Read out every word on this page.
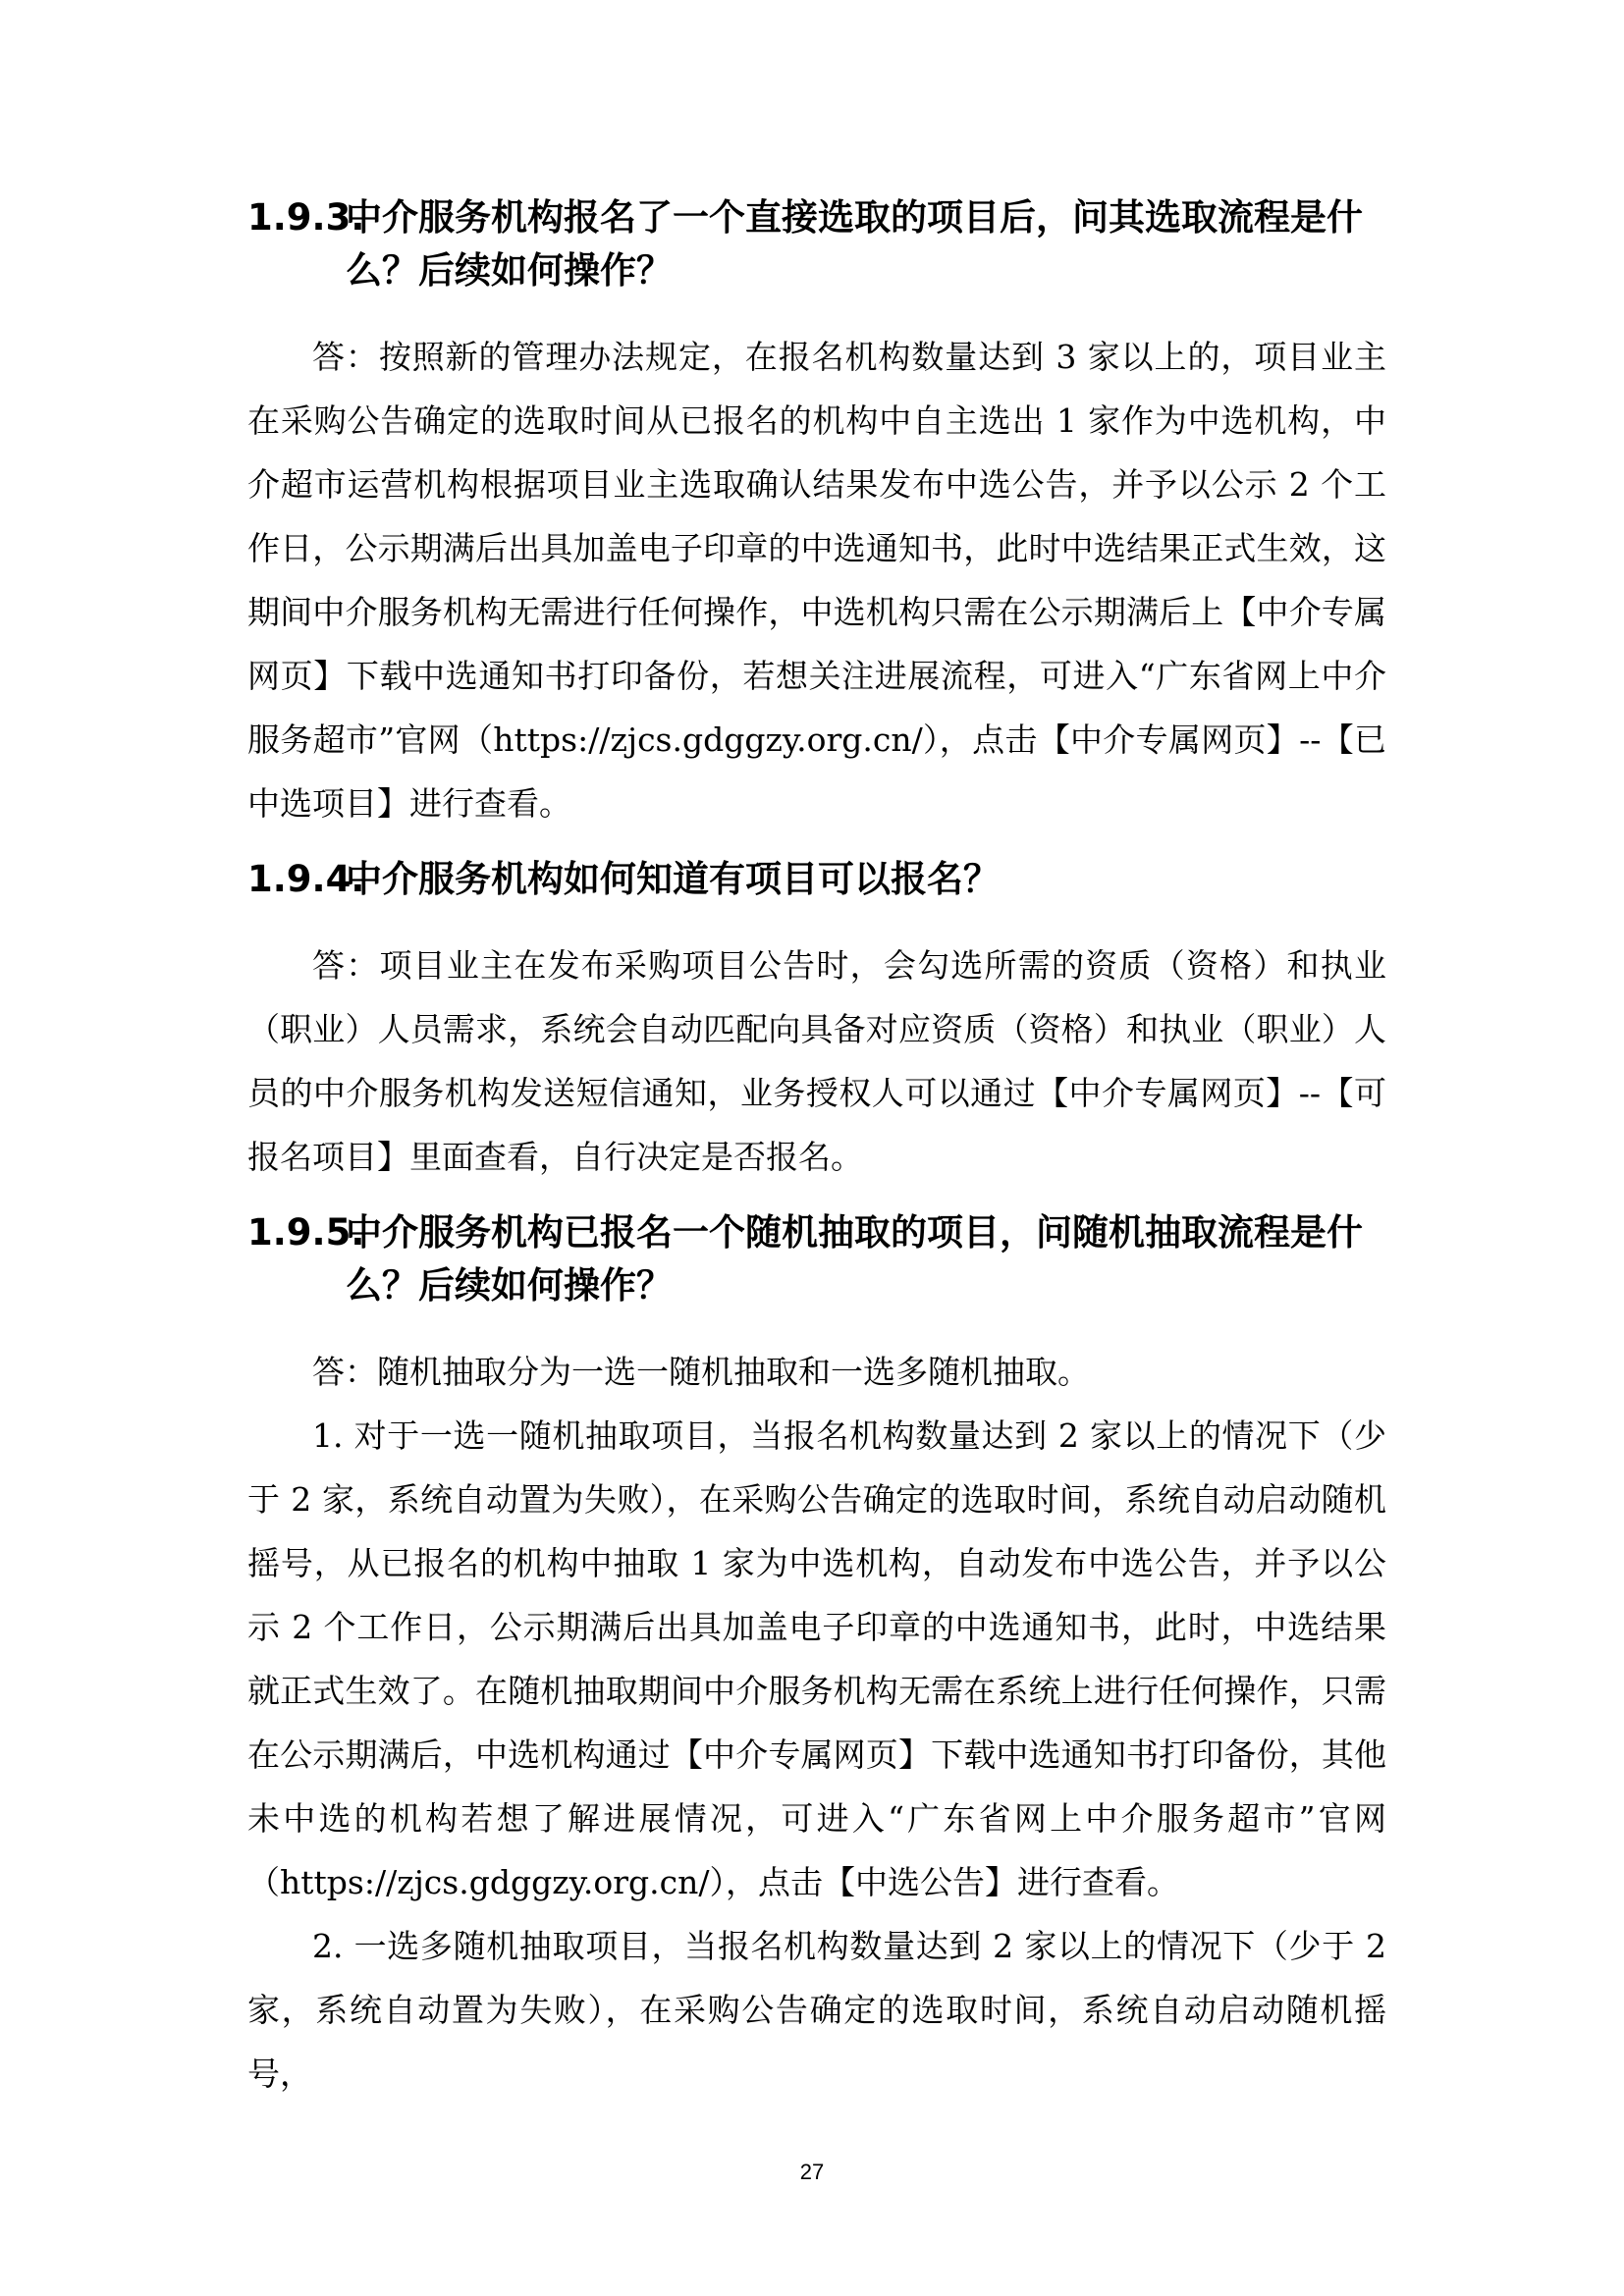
1.9.3.中介服务机构报名了一个直接选取的项目后，问其选取流程是什么？后续如何操作？

答：按照新的管理办法规定，在报名机构数量达到 3 家以上的，项目业主在采购公告确定的选取时间从已报名的机构中自主选出 1 家作为中选机构，中介超市运营机构根据项目业主选取确认结果发布中选公告，并予以公示 2 个工作日，公示期满后出具加盖电子印章的中选通知书，此时中选结果正式生效，这期间中介服务机构无需进行任何操作，中选机构只需在公示期满后上【中介专属网页】下载中选通知书打印备份，若想关注进展流程，可进入“广东省网上中介服务超市”官网（https://zjcs.gdggzy.org.cn/），点击【中介专属网页】--【已中选项目】进行查看。

1.9.4.中介服务机构如何知道有项目可以报名？

答：项目业主在发布采购项目公告时，会勾选所需的资质（资格）和执业（职业）人员需求，系统会自动匹配向具备对应资质（资格）和执业（职业）人员的中介服务机构发送短信通知，业务授权人可以通过【中介专属网页】--【可报名项目】里面查看，自行决定是否报名。

1.9.5.中介服务机构已报名一个随机抽取的项目，问随机抽取流程是什么？后续如何操作？

答：随机抽取分为一选一随机抽取和一选多随机抽取。

1. 对于一选一随机抽取项目，当报名机构数量达到 2 家以上的情况下（少于 2 家，系统自动置为失败），在采购公告确定的选取时间，系统自动启动随机摇号，从已报名的机构中抽取 1 家为中选机构，自动发布中选公告，并予以公示 2 个工作日，公示期满后出具加盖电子印章的中选通知书，此时，中选结果就正式生效了。在随机抽取期间中介服务机构无需在系统上进行任何操作，只需在公示期满后，中选机构通过【中介专属网页】下载中选通知书打印备份，其他未中选的机构若想了解进展情况，可进入“广东省网上中介服务超市”官网（https://zjcs.gdggzy.org.cn/），点击【中选公告】进行查看。

2. 一选多随机抽取项目，当报名机构数量达到 2 家以上的情况下（少于 2 家，系统自动置为失败），在采购公告确定的选取时间，系统自动启动随机摇号，

27
